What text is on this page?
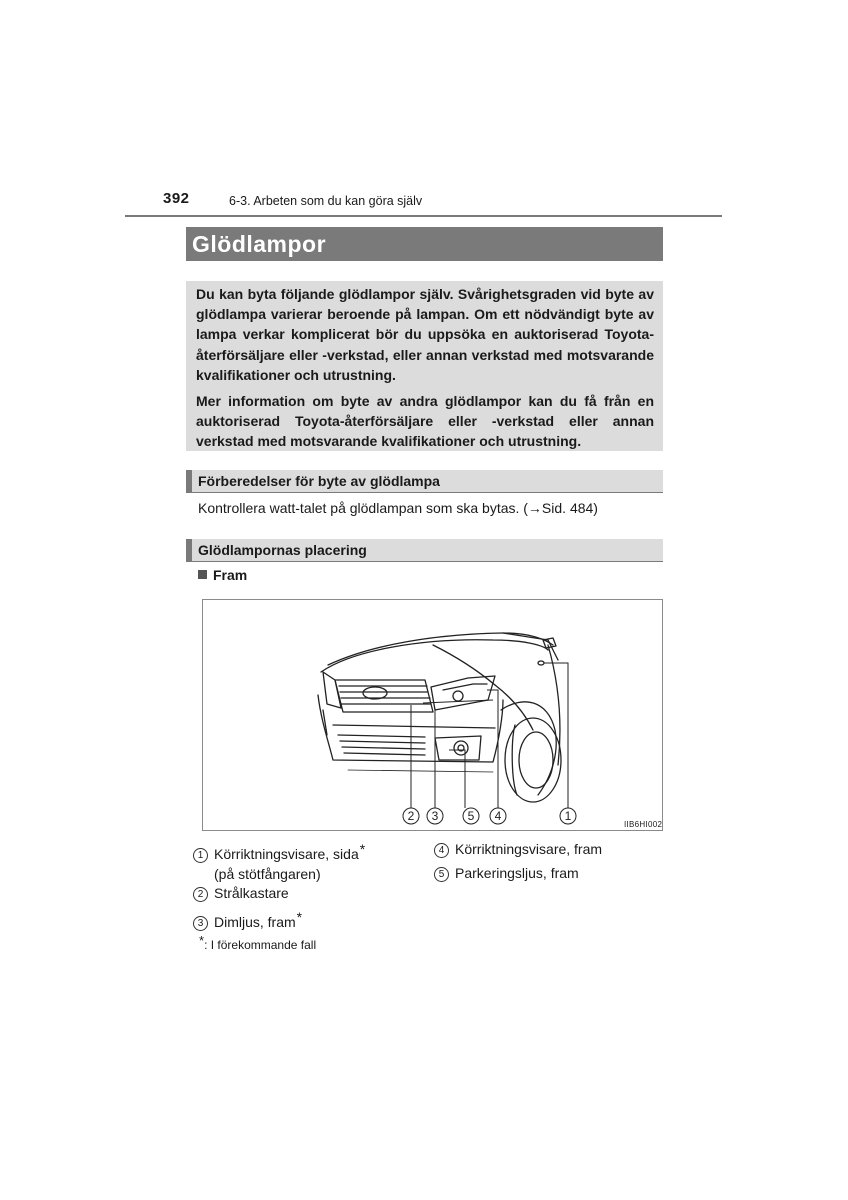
392	6-3. Arbeten som du kan göra själv
Glödlampor

Du kan byta följande glödlampor själv. Svårighetsgraden vid byte av glödlampa varierar beroende på lampan. Om ett nödvändigt byte av lampa verkar komplicerat bör du uppsöka en auktoriserad Toyota-återförsäljare eller -verkstad, eller annan verkstad med motsvarande kvalifikationer och utrustning.

Mer information om byte av andra glödlampor kan du få från en auktoriserad Toyota-återförsäljare eller -verkstad eller annan verkstad med motsvarande kvalifikationer och utrustning.

Förberedelser för byte av glödlampa
Kontrollera watt-talet på glödlampan som ska bytas. (→Sid. 484)
Glödlampornas placering
Fram
2 3 5 4	1
IIB6HI002
1 Körriktningsvisare, sida*
(på stötfångaren)
2 Strålkastare
3 Dimljus, fram*
4 Körriktningsvisare, fram
5 Parkeringsljus, fram
*: I förekommande fall
